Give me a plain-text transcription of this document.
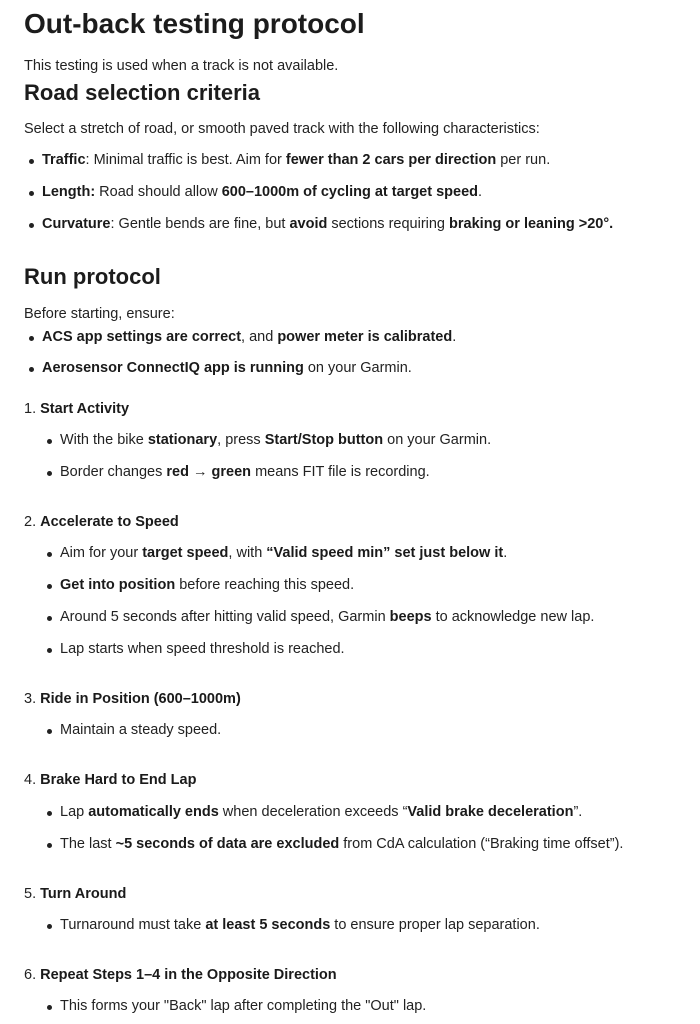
Out-back testing protocol
This testing is used when a track is not available.
Road selection criteria
Select a stretch of road, or smooth paved track with the following characteristics:
Traffic: Minimal traffic is best. Aim for fewer than 2 cars per direction per run.
Length: Road should allow 600–1000m of cycling at target speed.
Curvature: Gentle bends are fine, but avoid sections requiring braking or leaning >20°.
Run protocol
Before starting, ensure:
ACS app settings are correct, and power meter is calibrated.
Aerosensor ConnectIQ app is running on your Garmin.
1. Start Activity
With the bike stationary, press Start/Stop button on your Garmin.
Border changes red → green means FIT file is recording.
2. Accelerate to Speed
Aim for your target speed, with “Valid speed min” set just below it.
Get into position before reaching this speed.
Around 5 seconds after hitting valid speed, Garmin beeps to acknowledge new lap.
Lap starts when speed threshold is reached.
3. Ride in Position (600–1000m)
Maintain a steady speed.
4. Brake Hard to End Lap
Lap automatically ends when deceleration exceeds “Valid brake deceleration”.
The last ~5 seconds of data are excluded from CdA calculation (“Braking time offset”).
5. Turn Around
Turnaround must take at least 5 seconds to ensure proper lap separation.
6. Repeat Steps 1–4 in the Opposite Direction
This forms your "Back" lap after completing the "Out" lap.
